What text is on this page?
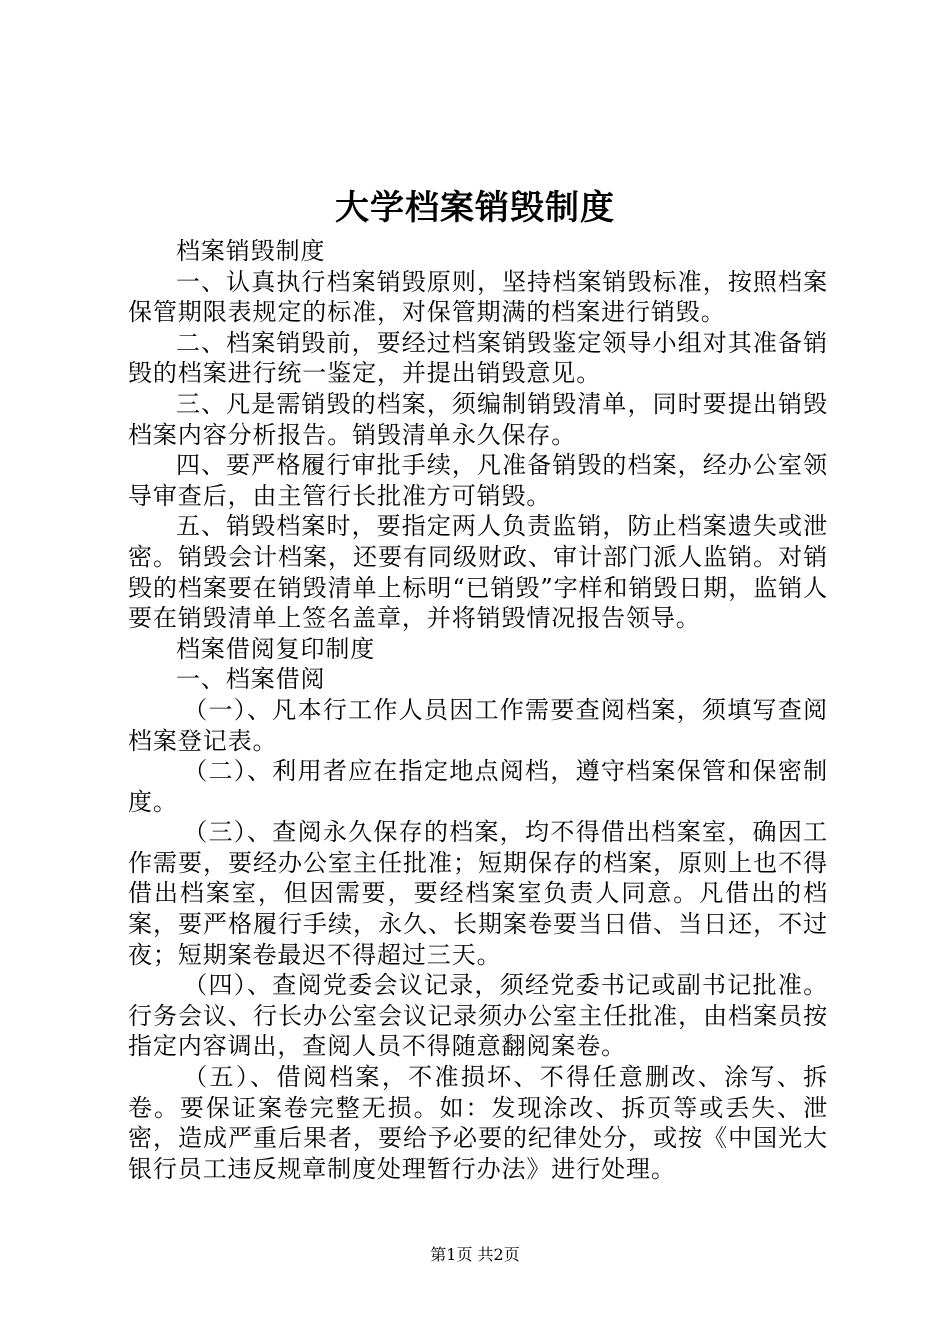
大学档案销毁制度

档案销毁制度

一、认真执行档案销毁原则，坚持档案销毁标准，按照档案保管期限表规定的标准，对保管期满的档案进行销毁。

二、档案销毁前，要经过档案销毁鉴定领导小组对其准备销毁的档案进行统一鉴定，并提出销毁意见。

三、凡是需销毁的档案，须编制销毁清单，同时要提出销毁档案内容分析报告。销毁清单永久保存。

四、要严格履行审批手续，凡准备销毁的档案，经办公室领导审查后，由主管行长批准方可销毁。

五、销毁档案时，要指定两人负责监销，防止档案遗失或泄密。销毁会计档案，还要有同级财政、审计部门派人监销。对销毁的档案要在销毁清单上标明“已销毁”字样和销毁日期，监销人要在销毁清单上签名盖章，并将销毁情况报告领导。

档案借阅复印制度

一、档案借阅

（一）、凡本行工作人员因工作需要查阅档案，须填写查阅档案登记表。

（二）、利用者应在指定地点阅档，遵守档案保管和保密制度。

（三）、查阅永久保存的档案，均不得借出档案室，确因工作需要，要经办公室主任批准；短期保存的档案，原则上也不得借出档案室，但因需要，要经档案室负责人同意。凡借出的档案，要严格履行手续，永久、长期案卷要当日借、当日还，不过夜；短期案卷最迟不得超过三天。

（四）、查阅党委会议记录，须经党委书记或副书记批准。行务会议、行长办公室会议记录须办公室主任批准，由档案员按指定内容调出，查阅人员不得随意翻阅案卷。

（五）、借阅档案，不准损坏、不得任意删改、涂写、拆卷。要保证案卷完整无损。如：发现涂改、拆页等或丢失、泄密，造成严重后果者，要给予必要的纪律处分，或按《中国光大银行员工违反规章制度处理暂行办法》进行处理。

第1页 共2页
